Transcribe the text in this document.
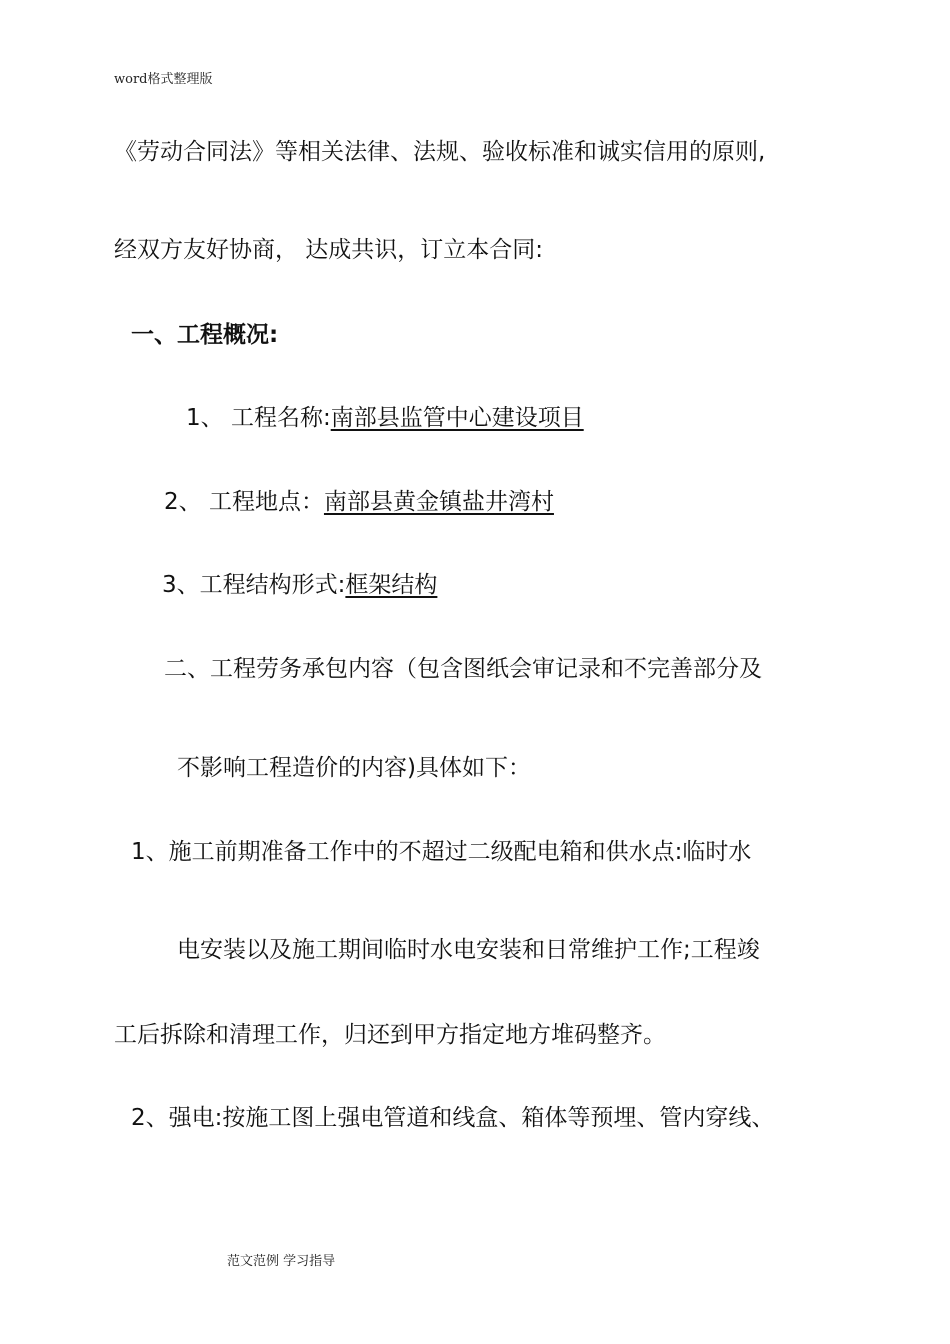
word格式整理版
《劳动合同法》等相关法律、法规、验收标准和诚实信用的原则,
经双方友好协商， 达成共识，订立本合同:
一、工程概况:
1、 工程名称:南部县监管中心建设项目
2、 工程地点：南部县黄金镇盐井湾村
3、工程结构形式:框架结构
二、工程劳务承包内容（包含图纸会审记录和不完善部分及
不影响工程造价的内容)具体如下：
1、施工前期准备工作中的不超过二级配电箱和供水点:临时水
电安装以及施工期间临时水电安装和日常维护工作;工程竣
工后拆除和清理工作，归还到甲方指定地方堆码整齐。
2、强电:按施工图上强电管道和线盒、箱体等预埋、管内穿线、
范文范例 学习指导
